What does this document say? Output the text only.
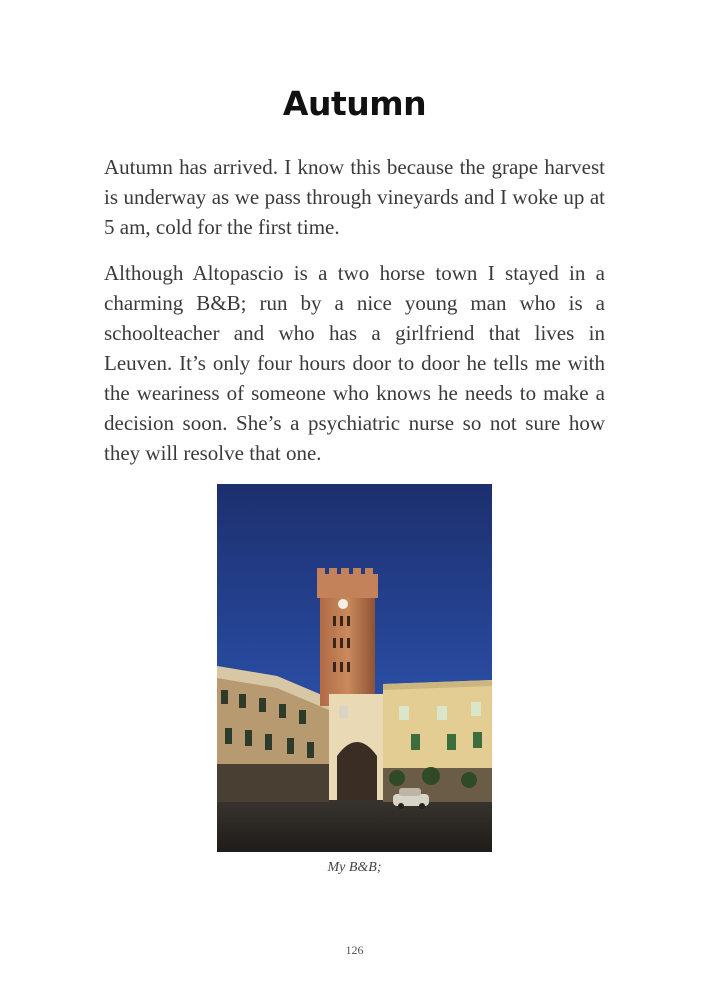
Autumn

Autumn has arrived. I know this because the grape harvest is underway as we pass through vineyards and I woke up at 5 am, cold for the first time.

Although Altopascio is a two horse town I stayed in a charming B&B; run by a nice young man who is a schoolteacher and who has a girlfriend that lives in Leuven. It’s only four hours door to door he tells me with the weariness of someone who knows he needs to make a decision soon. She’s a psychiatric nurse so not sure how they will resolve that one.

My B&B;

126
